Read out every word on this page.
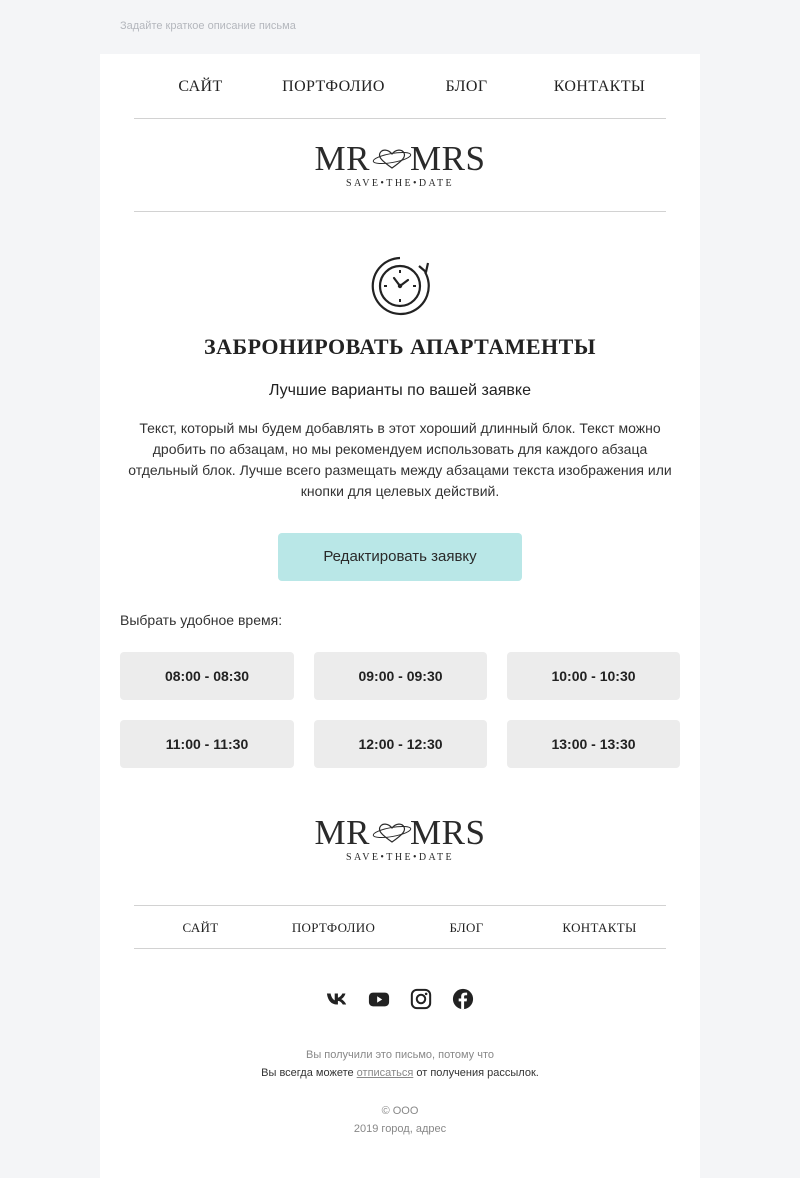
Задайте краткое описание письма
САЙТ	ПОРТФОЛИО	БЛОГ	КОНТАКТЫ
MR MRS
SAVE•THE•DATE
ЗАБРОНИРОВАТЬ АПАРТАМЕНТЫ
Лучшие варианты по вашей заявке
Текст, который мы будем добавлять в этот хороший длинный блок. Текст можно дробить по абзацам, но мы рекомендуем использовать для каждого абзаца отдельный блок. Лучше всего размещать между абзацами текста изображения или кнопки для целевых действий.
Редактировать заявку
Выбрать удобное время:
08:00 - 08:30	09:00 - 09:30	10:00 - 10:30
11:00 - 11:30	12:00 - 12:30	13:00 - 13:30
MR MRS
SAVE•THE•DATE
САЙТ	ПОРТФОЛИО	БЛОГ	КОНТАКТЫ
Вы получили это письмо, потому что
Вы всегда можете отписаться от получения рассылок.
© ООО
2019 город, адрес
